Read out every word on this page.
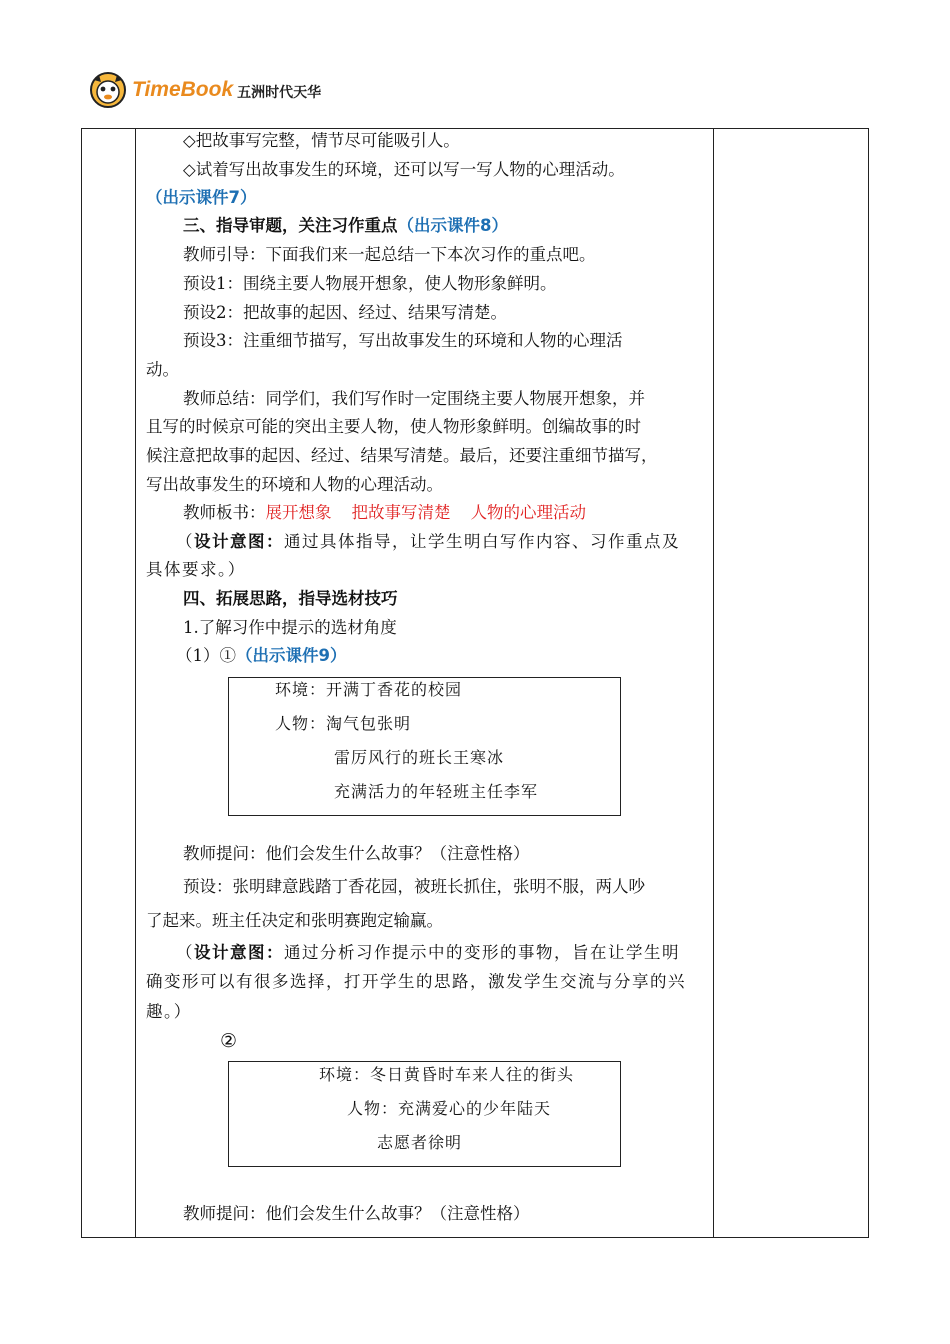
TimeBook 五洲时代天华
◇把故事写完整，情节尽可能吸引人。
◇试着写出故事发生的环境，还可以写一写人物的心理活动。
（出示课件7）
三、指导审题，关注习作重点（出示课件8）
教师引导：下面我们来一起总结一下本次习作的重点吧。
预设1：围绕主要人物展开想象，使人物形象鲜明。
预设2：把故事的起因、经过、结果写清楚。
预设3：注重细节描写，写出故事发生的环境和人物的心理活
动。
教师总结：同学们，我们写作时一定围绕主要人物展开想象，并
且写的时候京可能的突出主要人物，使人物形象鲜明。创编故事的时
候注意把故事的起因、经过、结果写清楚。最后，还要注重细节描写，
写出故事发生的环境和人物的心理活动。
教师板书：展开想象 把故事写清楚 人物的心理活动
（设计意图：通过具体指导，让学生明白写作内容、习作重点及
具体要求。）
四、拓展思路，指导选材技巧
1.了解习作中提示的选材角度
（1）①（出示课件9）
教师提问：他们会发生什么故事？（注意性格）
预设：张明肆意践踏丁香花园，被班长抓住，张明不服，两人吵
了起来。班主任决定和张明赛跑定输赢。
（设计意图：通过分析习作提示中的变形的事物，旨在让学生明
确变形可以有很多选择，打开学生的思路，激发学生交流与分享的兴
趣。）
②
教师提问：他们会发生什么故事？（注意性格）
环境：开满丁香花的校园
人物：淘气包张明
雷厉风行的班长王寒冰
充满活力的年轻班主任李军
环境：冬日黄昏时车来人往的街头
人物：充满爱心的少年陆天
志愿者徐明
